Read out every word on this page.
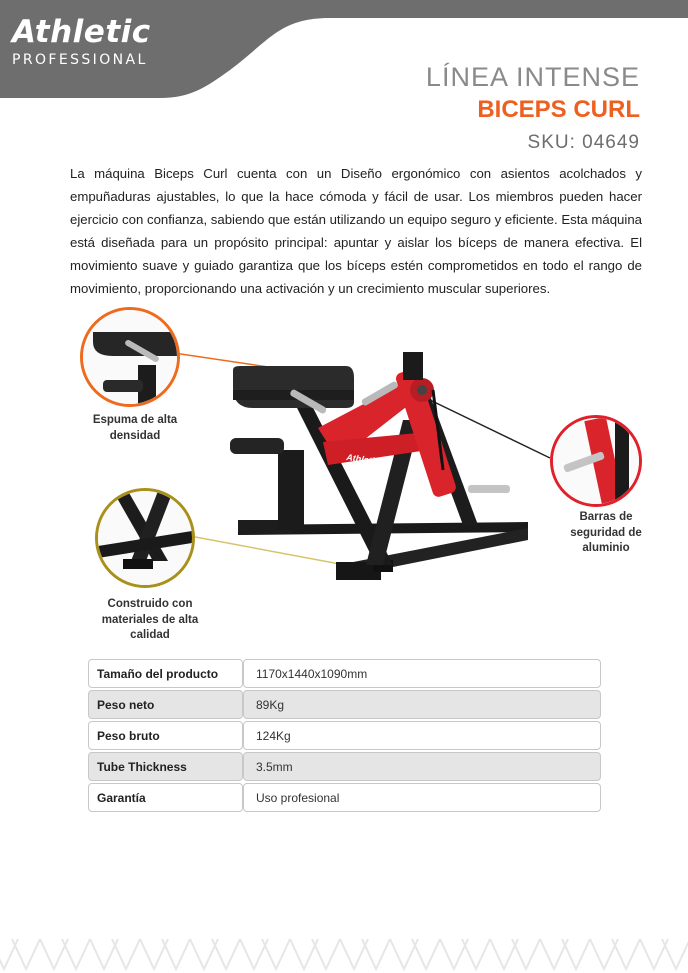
Athletic
PROFESSIONAL
LÍNEA INTENSE
BICEPS CURL
SKU: 04649

La máquina Biceps Curl cuenta con un Diseño ergonómico con asientos acolchados y empuñaduras ajustables, lo que la hace cómoda y fácil de usar. Los miembros pueden hacer ejercicio con confianza, sabiendo que están utilizando un equipo seguro y eficiente. Esta máquina está diseñada para un propósito principal: apuntar y aislar los bíceps de manera efectiva. El movimiento suave y guiado garantiza que los bíceps estén comprometidos en todo el rango de movimiento, proporcionando una activación y un crecimiento muscular superiores.

Athletic
Espuma de alta densidad
Construido con materiales de alta calidad
Barras de seguridad de aluminio
Tamaño del producto	1170x1440x1090mm
Peso neto	89Kg
Peso bruto	124Kg
Tube Thickness	3.5mm
Garantía	Uso profesional
